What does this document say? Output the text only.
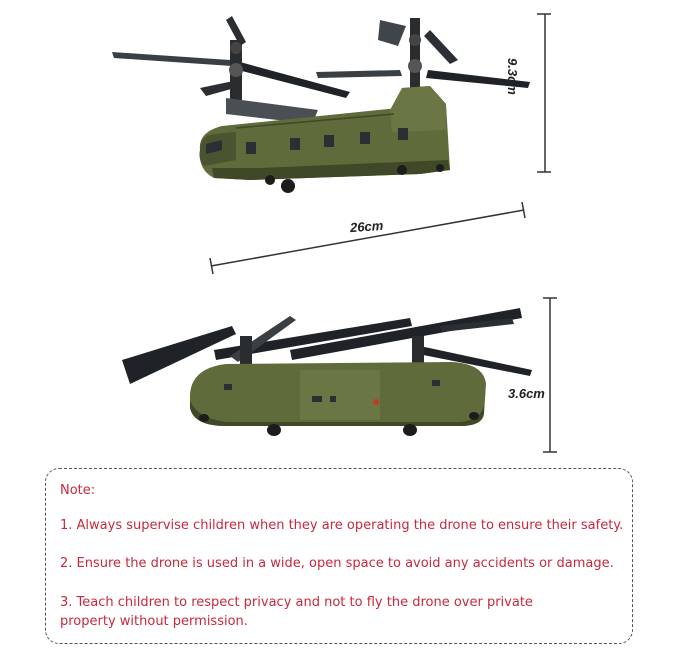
26cm
9.3cm
3.6cm
Note:
1. Always supervise children when they are operating the drone to ensure their safety.
2. Ensure the drone is used in a wide, open space to avoid any accidents or damage.
3. Teach children to respect privacy and not to fly the drone over private property without permission.
